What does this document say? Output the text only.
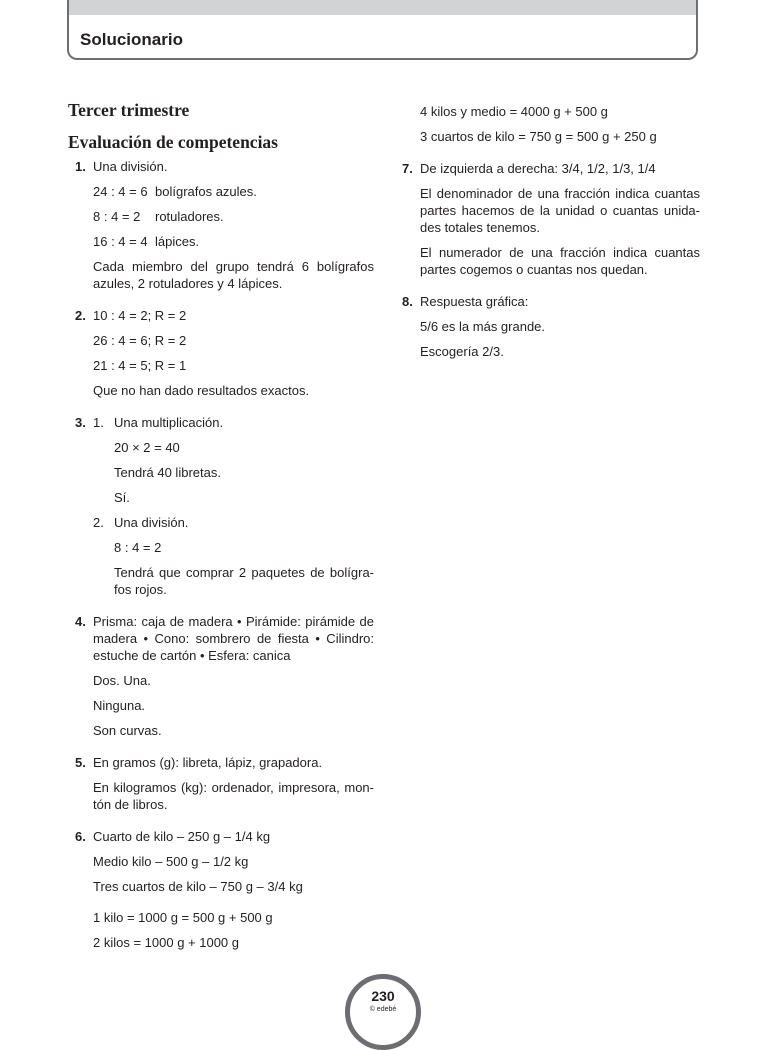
Solucionario
Tercer trimestre
Evaluación de competencias
1. Una división.
24 : 4 = 6 bolígrafos azules.
8 : 4 = 2	rotuladores.
16 : 4 = 4 lápices.
Cada miembro del grupo tendrá 6 bolígrafos azules, 2 rotuladores y 4 lápices.
2. 10 : 4 = 2; R = 2
26 : 4 = 6; R = 2
21 : 4 = 5; R = 1
Que no han dado resultados exactos.
3. 1. Una multiplicación.
20 × 2 = 40
Tendrá 40 libretas.
Sí.
2. Una división.
8 : 4 = 2
Tendrá que comprar 2 paquetes de bolígra-fos rojos.
4. Prisma: caja de madera • Pirámide: pirámide de madera • Cono: sombrero de fiesta • Cilindro: estuche de cartón • Esfera: canica
Dos. Una.
Ninguna.
Son curvas.
5. En gramos (g): libreta, lápiz, grapadora.
En kilogramos (kg): ordenador, impresora, mon-tón de libros.
6. Cuarto de kilo – 250 g – 1/4 kg
Medio kilo – 500 g – 1/2 kg
Tres cuartos de kilo – 750 g – 3/4 kg
1 kilo = 1000 g = 500 g + 500 g
2 kilos = 1000 g + 1000 g
4 kilos y medio = 4000 g + 500 g
3 cuartos de kilo = 750 g = 500 g + 250 g
7. De izquierda a derecha: 3/4, 1/2, 1/3, 1/4
El denominador de una fracción indica cuantas partes hacemos de la unidad o cuantas unida-des totales tenemos.
El numerador de una fracción indica cuantas partes cogemos o cuantas nos quedan.
8. Respuesta gráfica:
5/6 es la más grande.
Escogería 2/3.
230
© edebé
